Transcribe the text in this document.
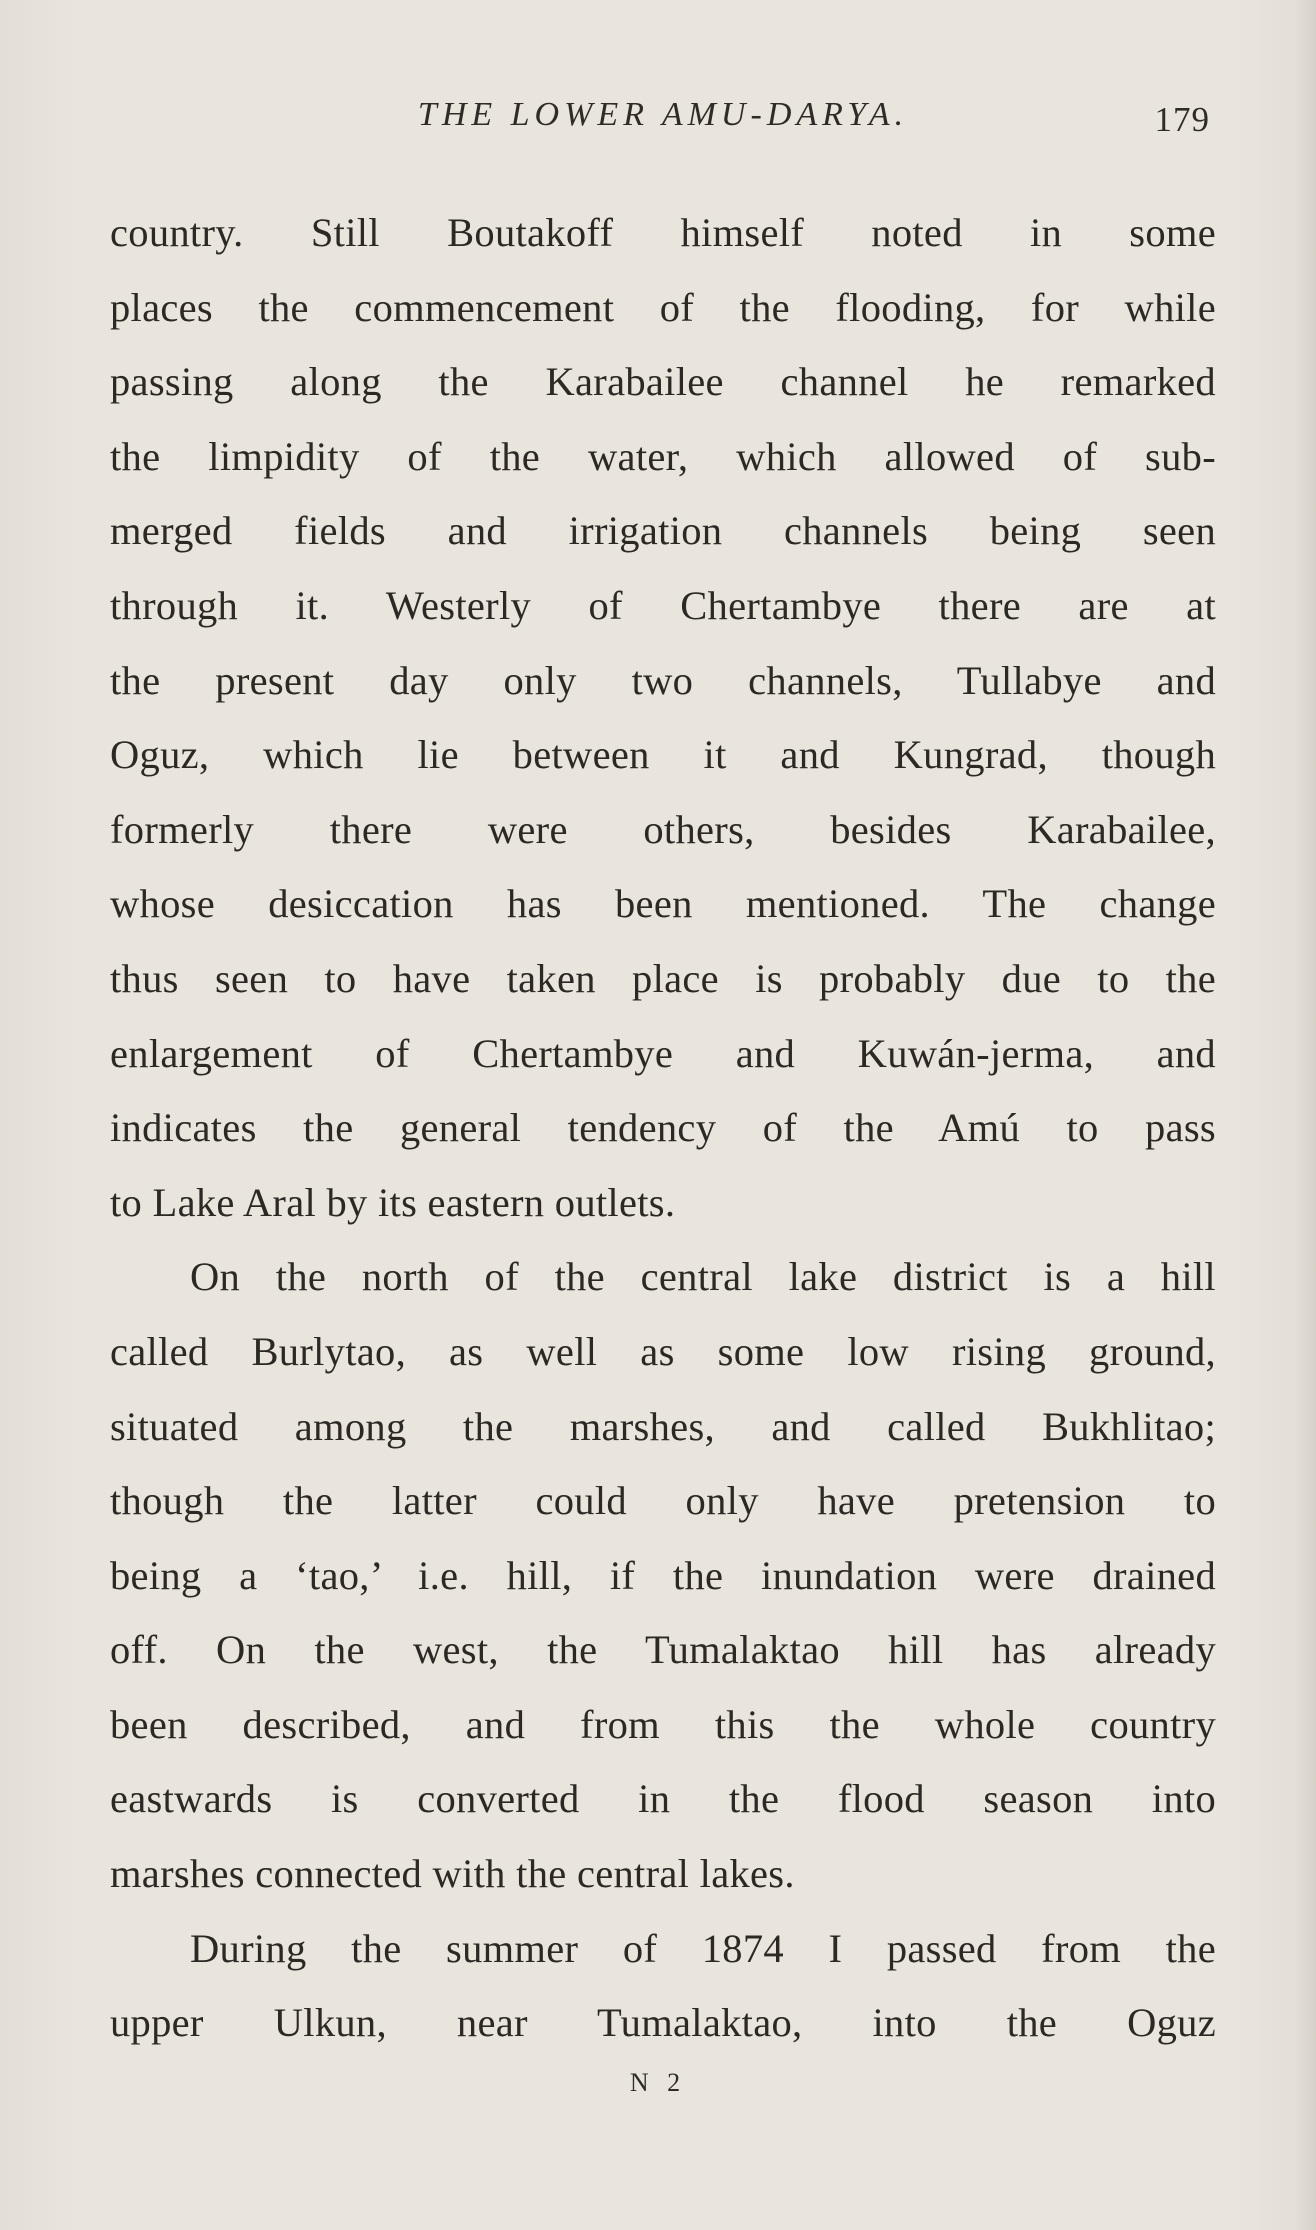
THE LOWER AMU-DARYA.	179
country. Still Boutakoff himself noted in some
places the commencement of the flooding, for while
passing along the Karabailee channel he remarked
the limpidity of the water, which allowed of sub-
merged fields and irrigation channels being seen
through it. Westerly of Chertambye there are at
the present day only two channels, Tullabye and
Oguz, which lie between it and Kungrad, though
formerly there were others, besides Karabailee,
whose desiccation has been mentioned. The change
thus seen to have taken place is probably due to the
enlargement of Chertambye and Kuwán-jerma, and
indicates the general tendency of the Amú to pass
to Lake Aral by its eastern outlets.
On the north of the central lake district is a hill
called Burlytao, as well as some low rising ground,
situated among the marshes, and called Bukhlitao;
though the latter could only have pretension to
being a ‘tao,’ i.e. hill, if the inundation were drained
off. On the west, the Tumalaktao hill has already
been described, and from this the whole country
eastwards is converted in the flood season into
marshes connected with the central lakes.
During the summer of 1874 I passed from the
upper Ulkun, near Tumalaktao, into the Oguz
N 2
